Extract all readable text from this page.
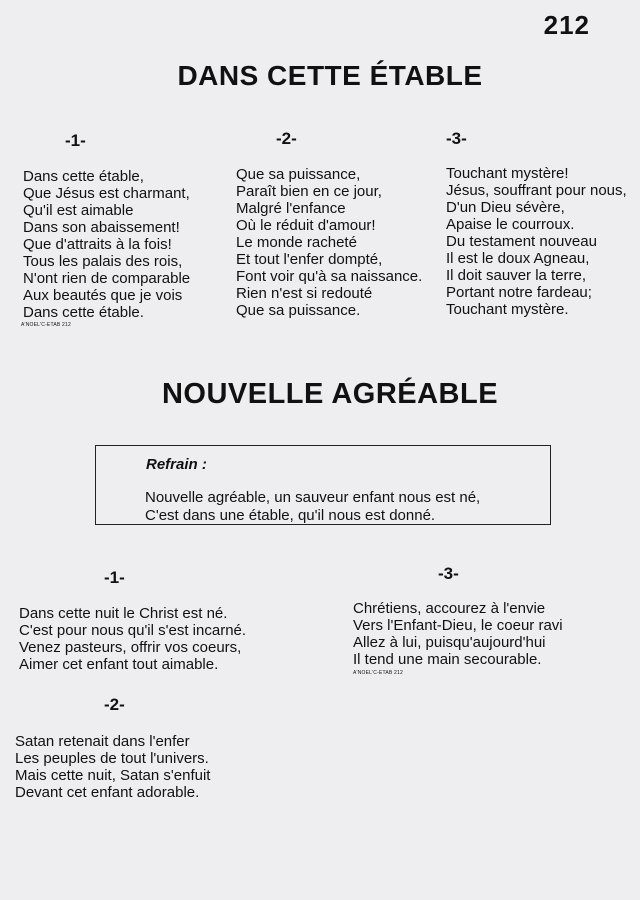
212
DANS CETTE ÉTABLE
-1-	-2-	-3-
Dans cette étable,
Que Jésus est charmant,
Qu'il est aimable
Dans son abaissement!
Que d'attraits à la fois!
Tous les palais des rois,
N'ont rien de comparable
Aux beautés que je vois
Dans cette étable.
A'NOEL'C-ETAB 212
Que sa puissance,
Paraît bien en ce jour,
Malgré l'enfance
Où le réduit d'amour!
Le monde racheté
Et tout l'enfer dompté,
Font voir qu'à sa naissance.
Rien n'est si redouté
Que sa puissance.
Touchant mystère!
Jésus, souffrant pour nous,
D'un Dieu sévère,
Apaise le courroux.
Du testament nouveau
Il est le doux Agneau,
Il doit sauver la terre,
Portant notre fardeau;
Touchant mystère.
NOUVELLE AGRÉABLE
Refrain :
Nouvelle agréable, un sauveur enfant nous est né,
C'est dans une étable, qu'il nous est donné.
-1-
Dans cette nuit le Christ est né.
C'est pour nous qu'il s'est incarné.
Venez pasteurs, offrir vos coeurs,
Aimer cet enfant tout aimable.
-2-
Satan retenait dans l'enfer
Les peuples de tout l'univers.
Mais cette nuit, Satan s'enfuit
Devant cet enfant adorable.
-3-
Chrétiens, accourez à l'envie
Vers l'Enfant-Dieu, le coeur ravi
Allez à lui, puisqu'aujourd'hui
Il tend une main secourable.
A'NOEL'C-ETAB 212
